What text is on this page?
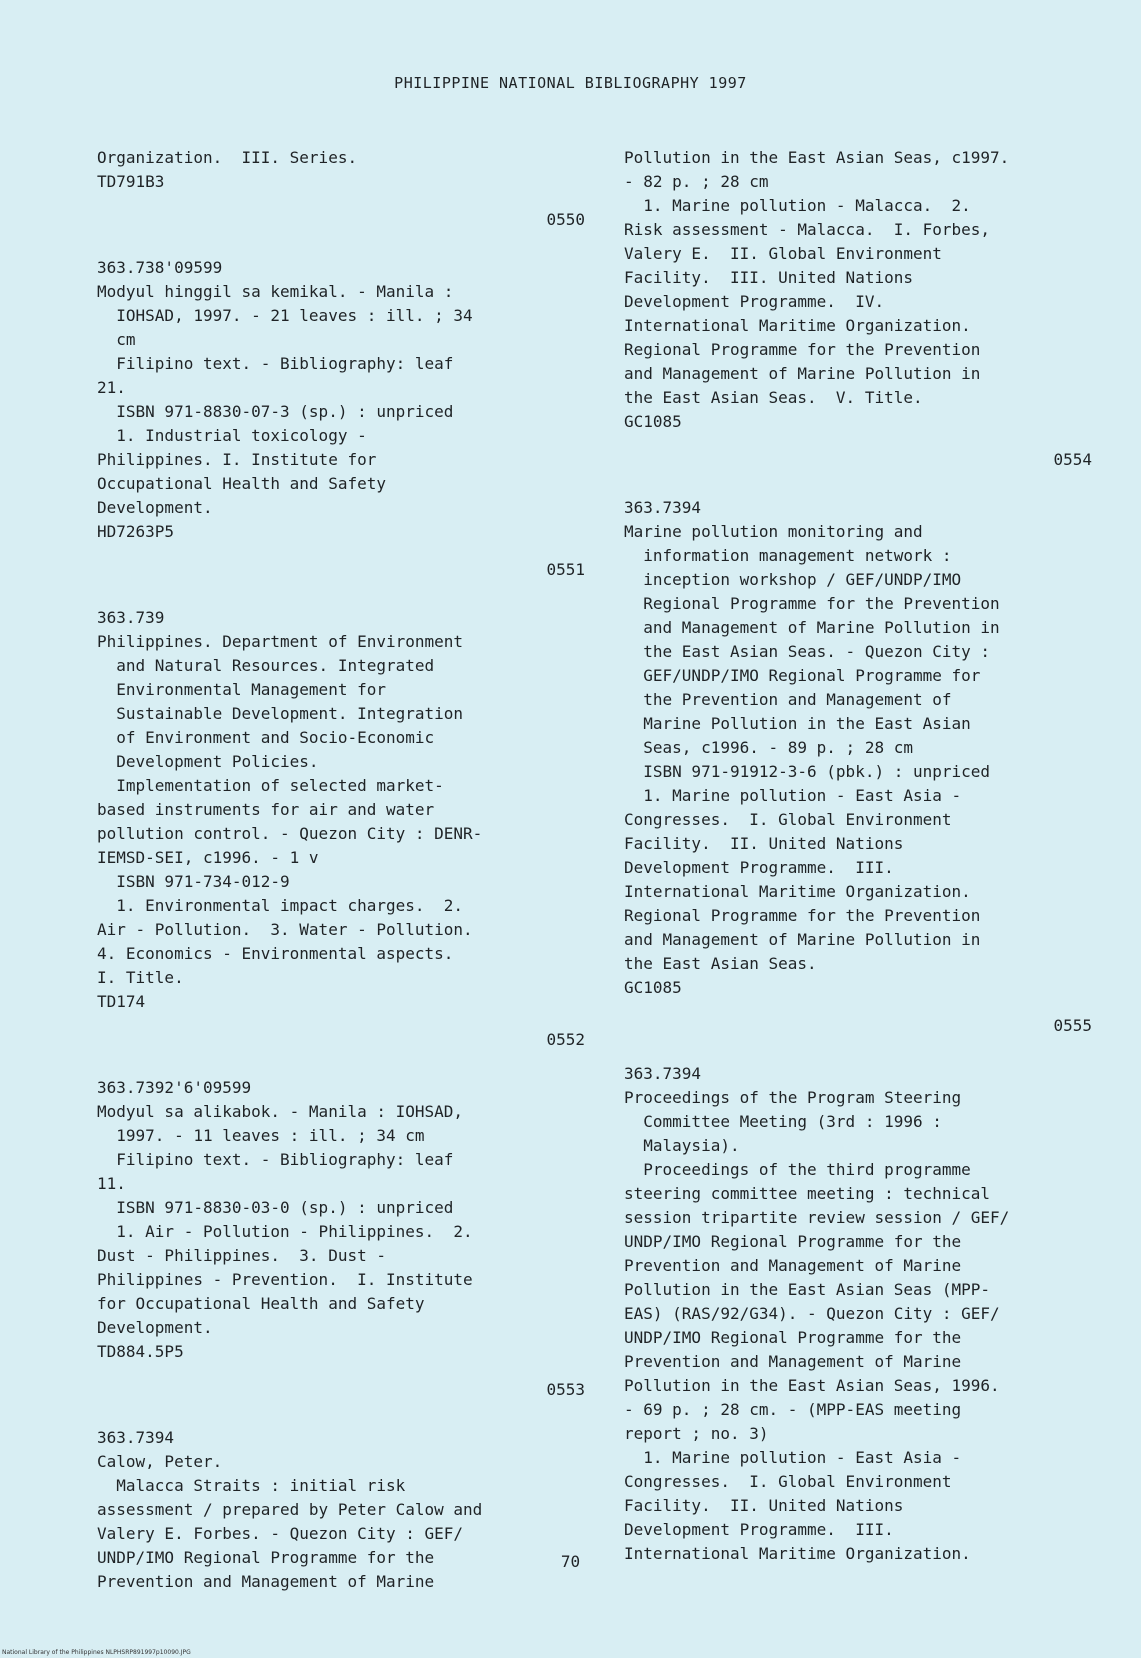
PHILIPPINE NATIONAL BIBLIOGRAPHY 1997
Organization.  III. Series.
TD791B3
0550
363.738'09599
Modyul hinggil sa kemikal. - Manila :
IOHSAD, 1997. - 21 leaves : ill. ; 34
cm
Filipino text. - Bibliography: leaf
21.
ISBN 971-8830-07-3 (sp.) : unpriced
1. Industrial toxicology -
Philippines. I. Institute for
Occupational Health and Safety
Development.
HD7263P5
0551
363.739
Philippines. Department of Environment
and Natural Resources. Integrated
Environmental Management for
Sustainable Development. Integration
of Environment and Socio-Economic
Development Policies.
Implementation of selected market-
based instruments for air and water
pollution control. - Quezon City : DENR-
IEMSD-SEI, c1996. - 1 v
ISBN 971-734-012-9
1. Environmental impact charges.  2.
Air - Pollution.  3. Water - Pollution.
4. Economics - Environmental aspects.
I. Title.
TD174
0552
363.7392'6'09599
Modyul sa alikabok. - Manila : IOHSAD,
1997. - 11 leaves : ill. ; 34 cm
Filipino text. - Bibliography: leaf
11.
ISBN 971-8830-03-0 (sp.) : unpriced
1. Air - Pollution - Philippines.  2.
Dust - Philippines.  3. Dust -
Philippines - Prevention.  I. Institute
for Occupational Health and Safety
Development.
TD884.5P5
0553
363.7394
Calow, Peter.
Malacca Straits : initial risk
assessment / prepared by Peter Calow and
Valery E. Forbes. - Quezon City : GEF/
UNDP/IMO Regional Programme for the
Prevention and Management of Marine
Pollution in the East Asian Seas, c1997.
- 82 p. ; 28 cm
1. Marine pollution - Malacca.  2.
Risk assessment - Malacca.  I. Forbes,
Valery E.  II. Global Environment
Facility.  III. United Nations
Development Programme.  IV.
International Maritime Organization.
Regional Programme for the Prevention
and Management of Marine Pollution in
the East Asian Seas.  V. Title.
GC1085
0554
363.7394
Marine pollution monitoring and
information management network :
inception workshop / GEF/UNDP/IMO
Regional Programme for the Prevention
and Management of Marine Pollution in
the East Asian Seas. - Quezon City :
GEF/UNDP/IMO Regional Programme for
the Prevention and Management of
Marine Pollution in the East Asian
Seas, c1996. - 89 p. ; 28 cm
ISBN 971-91912-3-6 (pbk.) : unpriced
1. Marine pollution - East Asia -
Congresses.  I. Global Environment
Facility.  II. United Nations
Development Programme.  III.
International Maritime Organization.
Regional Programme for the Prevention
and Management of Marine Pollution in
the East Asian Seas.
GC1085
0555
363.7394
Proceedings of the Program Steering
Committee Meeting (3rd : 1996 :
Malaysia).
Proceedings of the third programme
steering committee meeting : technical
session tripartite review session / GEF/
UNDP/IMO Regional Programme for the
Prevention and Management of Marine
Pollution in the East Asian Seas (MPP-
EAS) (RAS/92/G34). - Quezon City : GEF/
UNDP/IMO Regional Programme for the
Prevention and Management of Marine
Pollution in the East Asian Seas, 1996.
- 69 p. ; 28 cm. - (MPP-EAS meeting
report ; no. 3)
1. Marine pollution - East Asia -
Congresses.  I. Global Environment
Facility.  II. United Nations
Development Programme.  III.
International Maritime Organization.
70
National Library of the Philippines NLPHSRP891997p10090.JPG
